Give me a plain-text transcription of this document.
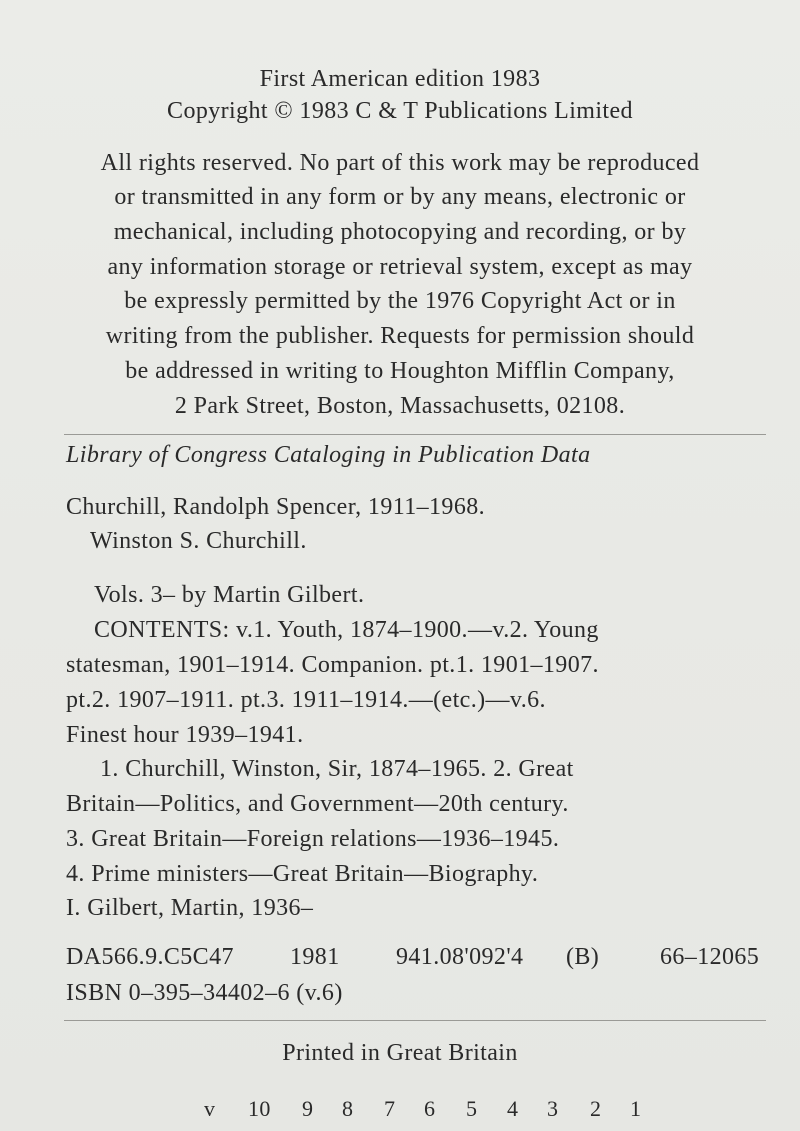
First American edition 1983
Copyright © 1983 C & T Publications Limited
All rights reserved. No part of this work may be reproduced
or transmitted in any form or by any means, electronic or
mechanical, including photocopying and recording, or by
any information storage or retrieval system, except as may
be expressly permitted by the 1976 Copyright Act or in
writing from the publisher. Requests for permission should
be addressed in writing to Houghton Mifflin Company,
2 Park Street, Boston, Massachusetts, 02108.
Library of Congress Cataloging in Publication Data
Churchill, Randolph Spencer, 1911–1968.
Winston S. Churchill.
Vols. 3– by Martin Gilbert.
CONTENTS: v.1. Youth, 1874–1900.—v.2. Young
statesman, 1901–1914. Companion. pt.1. 1901–1907.
pt.2. 1907–1911. pt.3. 1911–1914.—(etc.)—v.6.
Finest hour 1939–1941.
1. Churchill, Winston, Sir, 1874–1965. 2. Great
Britain—Politics, and Government—20th century.
3. Great Britain—Foreign relations—1936–1945.
4. Prime ministers—Great Britain—Biography.
I. Gilbert, Martin, 1936–
DA566.9.C5C47 1981 941.08'092'4 (B)	66–12065
ISBN 0–395–34402–6 (v.6)
Printed in Great Britain
v 10 9 8 7 6 5 4 3 2 1
